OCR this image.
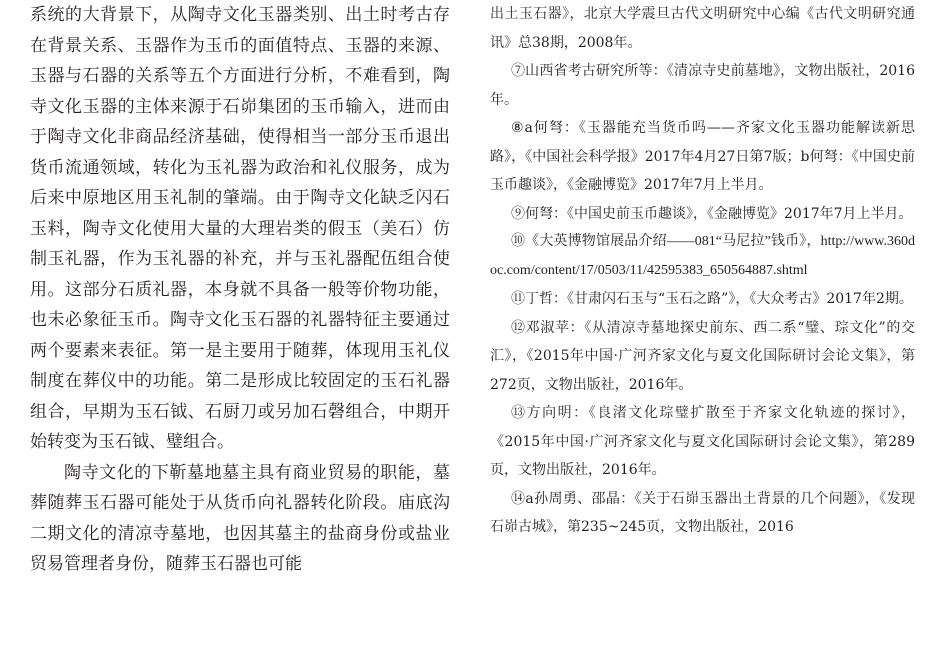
系统的大背景下，从陶寺文化玉器类别、出土时考古存在背景关系、玉器作为玉币的面值特点、玉器的来源、玉器与石器的关系等五个方面进行分析，不难看到，陶寺文化玉器的主体来源于石峁集团的玉币输入，进而由于陶寺文化非商品经济基础，使得相当一部分玉币退出货币流通领域，转化为玉礼器为政治和礼仪服务，成为后来中原地区用玉礼制的肇端。由于陶寺文化缺乏闪石玉料，陶寺文化使用大量的大理岩类的假玉（美石）仿制玉礼器，作为玉礼器的补充，并与玉礼器配伍组合使用。这部分石质礼器，本身就不具备一般等价物功能，也未必象征玉币。陶寺文化玉石器的礼器特征主要通过两个要素来表征。第一是主要用于随葬，体现用玉礼仪制度在葬仪中的功能。第二是形成比较固定的玉石礼器组合，早期为玉石钺、石厨刀或另加石磬组合，中期开始转变为玉石钺、璧组合。

陶寺文化的下靳墓地墓主具有商业贸易的职能，墓葬随葬玉石器可能处于从货币向礼器转化阶段。庙底沟二期文化的清凉寺墓地，也因其墓主的盐商身份或盐业贸易管理者身份，随葬玉石器也可能

出土玉石器》，北京大学震旦古代文明研究中心编《古代文明研究通讯》总38期，2008年。

⑦山西省考古研究所等：《清凉寺史前墓地》，文物出版社，2016年。

⑧a何弩：《玉器能充当货币吗——齐家文化玉器功能解读新思路》，《中国社会科学报》2017年4月27日第7版；b何弩：《中国史前玉币趣谈》，《金融博览》2017年7月上半月。

⑨何弩：《中国史前玉币趣谈》，《金融博览》2017年7月上半月。

⑩《大英博物馆展品介绍——081“马尼拉”钱币》，http://www.360doc.com/content/17/0503/11/42595383_650564887.shtml

⑪丁哲：《甘肃闪石玉与“玉石之路”》，《大众考古》2017年2期。

⑫邓淑苹：《从清凉寺墓地探史前东、西二系“璧、琮文化”的交汇》，《2015年中国·广河齐家文化与夏文化国际研讨会论文集》，第272页，文物出版社，2016年。

⑬方向明：《良渚文化琮璧扩散至于齐家文化轨迹的探讨》，《2015年中国·广河齐家文化与夏文化国际研讨会论文集》，第289页，文物出版社，2016年。

⑭a孙周勇、邵晶：《关于石峁玉器出土背景的几个问题》，《发现石峁古城》，第235~245页，文物出版社，2016
